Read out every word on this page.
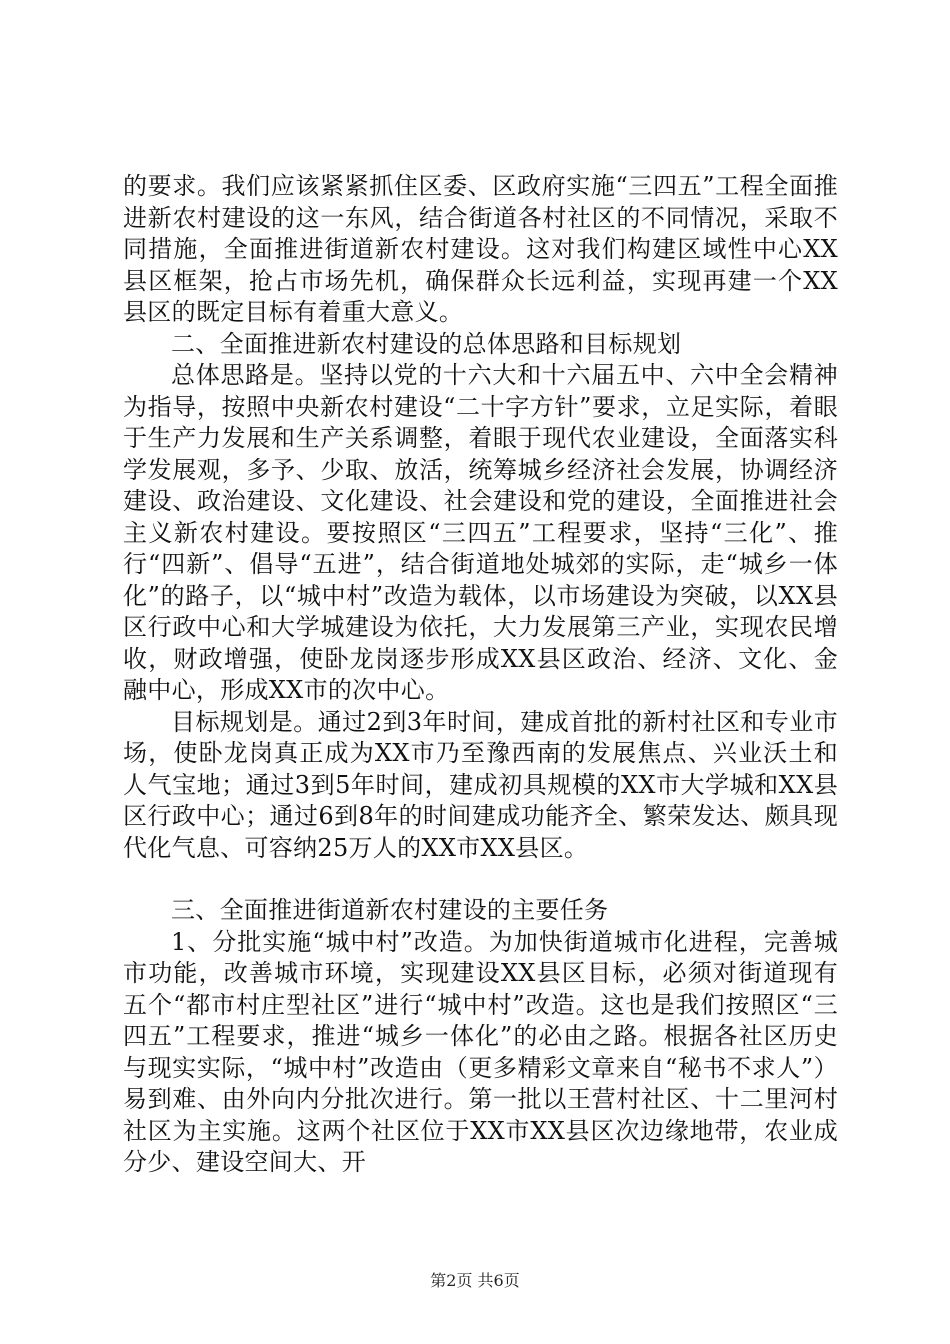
的要求。我们应该紧紧抓住区委、区政府实施“三四五”工程全面推进新农村建设的这一东风，结合街道各村社区的不同情况，采取不同措施，全面推进街道新农村建设。这对我们构建区域性中心XX县区框架，抢占市场先机，确保群众长远利益，实现再建一个XX县区的既定目标有着重大意义。

二、全面推进新农村建设的总体思路和目标规划

总体思路是。坚持以党的十六大和十六届五中、六中全会精神为指导，按照中央新农村建设“二十字方针”要求，立足实际，着眼于生产力发展和生产关系调整，着眼于现代农业建设，全面落实科学发展观，多予、少取、放活，统筹城乡经济社会发展，协调经济建设、政治建设、文化建设、社会建设和党的建设，全面推进社会主义新农村建设。要按照区“三四五”工程要求，坚持“三化”、推行“四新”、倡导“五进”，结合街道地处城郊的实际，走“城乡一体化”的路子，以“城中村”改造为载体，以市场建设为突破，以XX县区行政中心和大学城建设为依托，大力发展第三产业，实现农民增收，财政增强，使卧龙岗逐步形成XX县区政治、经济、文化、金融中心，形成XX市的次中心。

目标规划是。通过2到3年时间，建成首批的新村社区和专业市场，使卧龙岗真正成为XX市乃至豫西南的发展焦点、兴业沃土和人气宝地；通过3到5年时间，建成初具规模的XX市大学城和XX县区行政中心；通过6到8年的时间建成功能齐全、繁荣发达、颇具现代化气息、可容纳25万人的XX市XX县区。

三、全面推进街道新农村建设的主要任务

1、分批实施“城中村”改造。为加快街道城市化进程，完善城市功能，改善城市环境，实现建设XX县区目标，必须对街道现有五个“都市村庄型社区”进行“城中村”改造。这也是我们按照区“三四五”工程要求，推进“城乡一体化”的必由之路。根据各社区历史与现实实际，“城中村”改造由（更多精彩文章来自“秘书不求人”）易到难、由外向内分批次进行。第一批以王营村社区、十二里河村社区为主实施。这两个社区位于XX市XX县区次边缘地带，农业成分少、建设空间大、开

第2页 共6页
